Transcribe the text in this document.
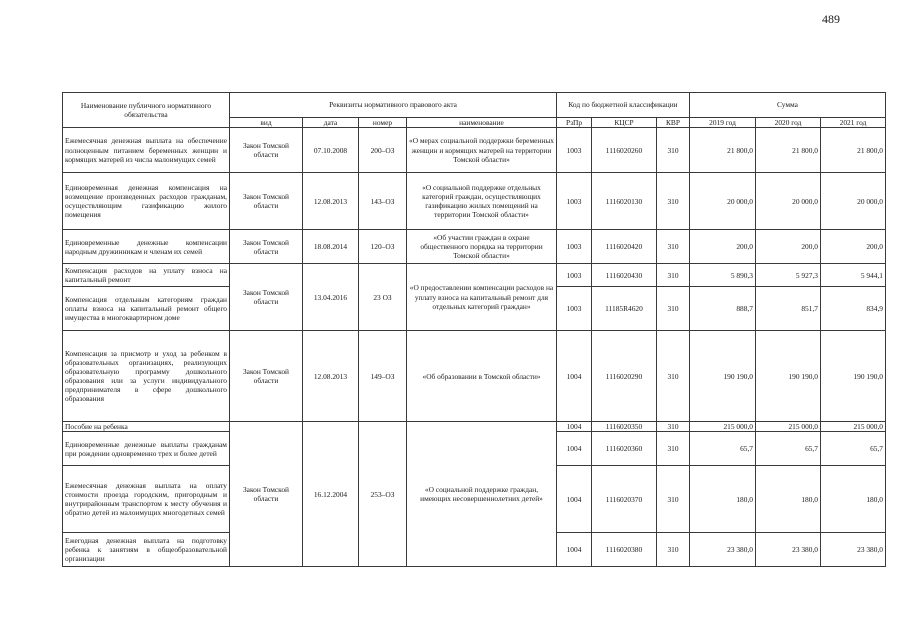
489
Наименование публичного нормативного обязательства	Реквизиты нормативного правового акта				Код по бюджетной классификации			Сумма		
	вид	дата	номер	наименование	РзПр	КЦСР	КВР	2019 год	2020 год	2021 год
Ежемесячная денежная выплата на обеспечение полноценным питанием беременных женщин и кормящих матерей из числа малоимущих семей	Закон Томской области	07.10.2008	200–ОЗ	«О мерах социальной поддержки беременных женщин и кормящих матерей на территории Томской области»	1003	1116020260	310	21 800,0	21 800,0	21 800,0
Единовременная денежная компенсация на возмещение произведенных расходов гражданам, осуществляющим газификацию жилого помещения	Закон Томской области	12.08.2013	143–ОЗ	«О социальной поддержке отдельных категорий граждан, осуществляющих газификацию жилых помещений на территории Томской области»	1003	1116020130	310	20 000,0	20 000,0	20 000,0
Единовременные денежные компенсации народным дружинникам и членам их семей	Закон Томской области	18.08.2014	120–ОЗ	«Об участии граждан в охране общественного порядка на территории Томской области»	1003	1116020420	310	200,0	200,0	200,0
Компенсация расходов на уплату взноса на капитальный ремонт	Закон Томской области	13.04.2016	23 ОЗ	«О предоставлении компенсации расходов на уплату взноса на капитальный ремонт для отдельных категорий граждан»	1003	1116020430	310	5 890,3	5 927,3	5 944,1
Компенсация отдельным категориям граждан оплаты взноса на капитальный ремонт общего имущества в многоквартирном доме					1003	11185R4620	310	888,7	851,7	834,9
Компенсация за присмотр и уход за ребенком в образовательных организациях, реализующих образовательную программу дошкольного образования или за услуги индивидуального предпринимателя в сфере дошкольного образования	Закон Томской области	12.08.2013	149–ОЗ	«Об образовании в Томской области»	1004	1116020290	310	190 190,0	190 190,0	190 190,0
Пособие на ребенка	Закон Томской области	16.12.2004	253–ОЗ	«О социальной поддержке граждан, имеющих несовершеннолетних детей»	1004	1116020350	310	215 000,0	215 000,0	215 000,0
Единовременные денежные выплаты гражданам при рождении одновременно трех и более детей					1004	1116020360	310	65,7	65,7	65,7
Ежемесячная денежная выплата на оплату стоимости проезда городским, пригородным и внутрирайонным транспортом к месту обучения и обратно детей из малоимущих многодетных семей					1004	1116020370	310	180,0	180,0	180,0
Ежегодная денежная выплата на подготовку ребенка к занятиям в общеобразовательной организации					1004	1116020380	310	23 380,0	23 380,0	23 380,0
